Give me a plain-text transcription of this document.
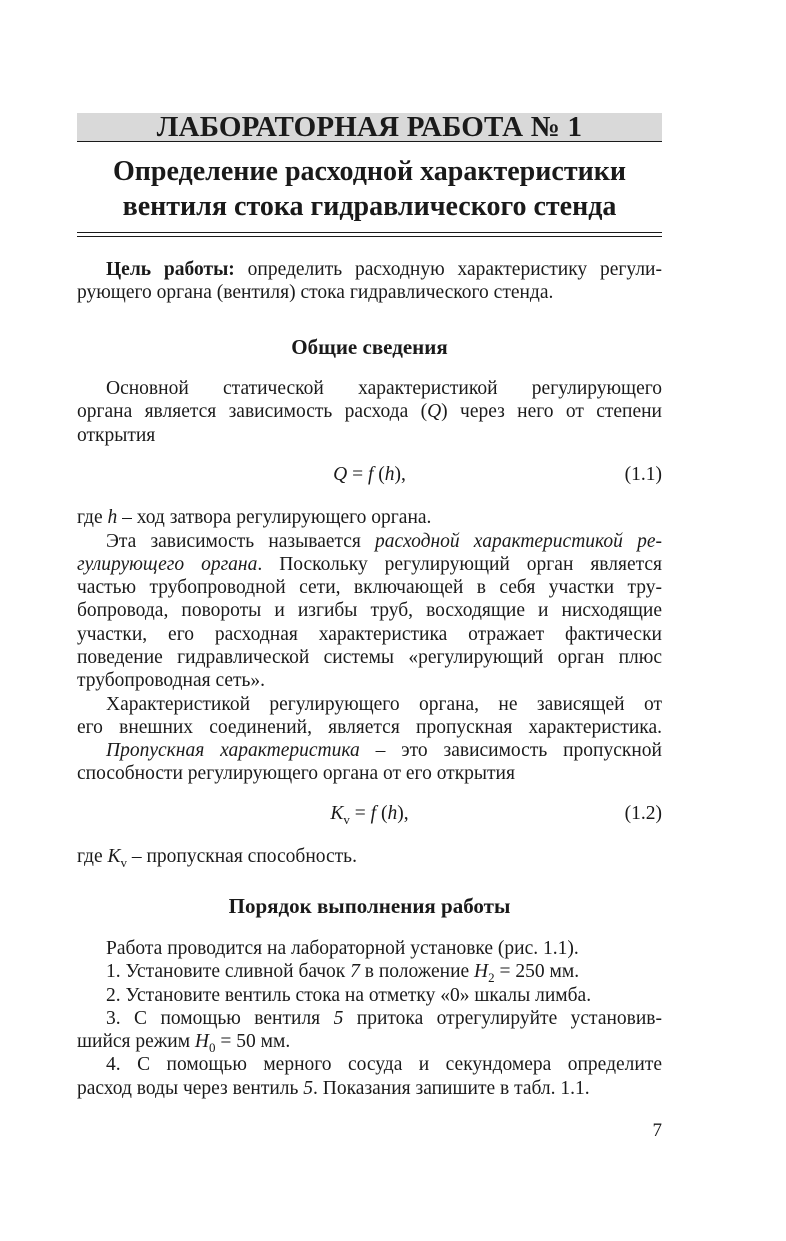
ЛАБОРАТОРНАЯ РАБОТА № 1
Определение расходной характеристики
вентиля стока гидравлического стенда
Цель работы: определить расходную характеристику регули-
рующего органа (вентиля) стока гидравлического стенда.
Общие сведения
Основной статической характеристикой регулирующего
органа является зависимость расхода (Q) через него от степени
открытия
Q = f (h),	(1.1)
где h – ход затвора регулирующего органа.
Эта зависимость называется расходной характеристикой ре-
гулирующего органа. Поскольку регулирующий орган является
частью трубопроводной сети, включающей в себя участки тру-
бопровода, повороты и изгибы труб, восходящие и нисходящие
участки, его расходная характеристика отражает фактически
поведение гидравлической системы «регулирующий орган плюс
трубопроводная сеть».
Характеристикой регулирующего органа, не зависящей от
его внешних соединений, является пропускная характеристика.
Пропускная характеристика – это зависимость пропускной
способности регулирующего органа от его открытия
$K_v = f$ (h),	(1.2)
где $K_v$ – пропускная способность.
Порядок выполнения работы
Работа проводится на лабораторной установке (рис. 1.1).
1. Установите сливной бачок 7 в положение $H_2 = 250$ мм.
2. Установите вентиль стока на отметку «0» шкалы лимба.
3. С помощью вентиля 5 притока отрегулируйте установив-
шийся режим $H_0 = 50$ мм.
4. С помощью мерного сосуда и секундомера определите
расход воды через вентиль 5. Показания запишите в табл. 1.1.
7
